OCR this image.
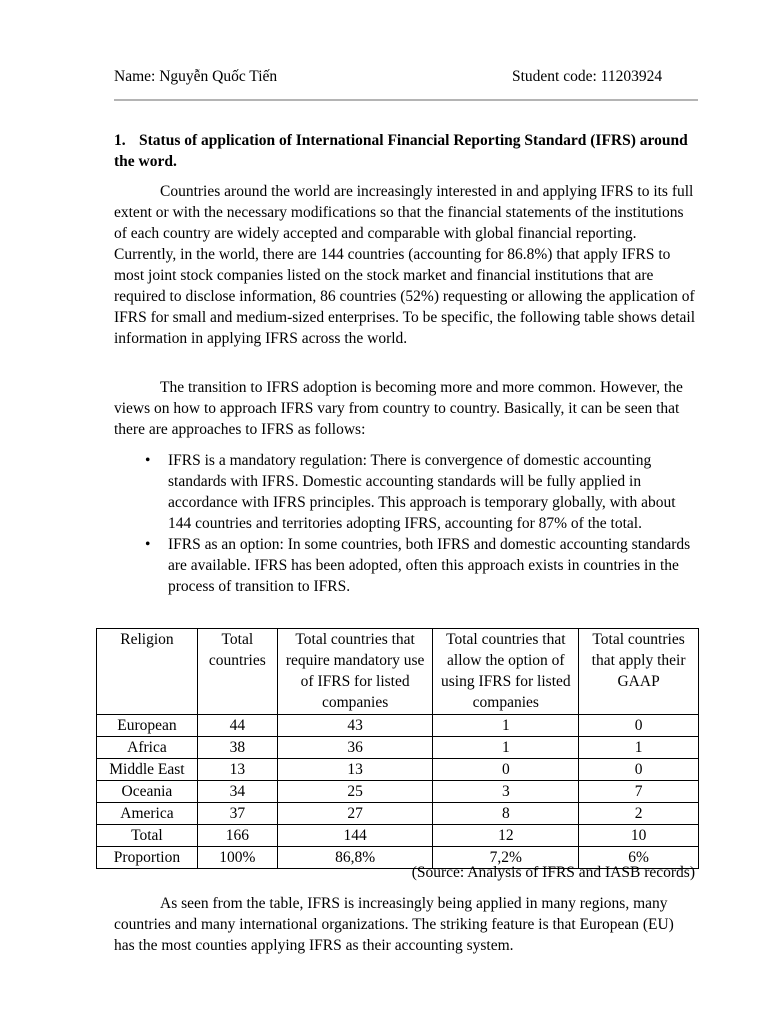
Name: Nguyễn Quốc Tiến	Student code: 11203924
1. Status of application of International Financial Reporting Standard (IFRS) around the word.
Countries around the world are increasingly interested in and applying IFRS to its full extent or with the necessary modifications so that the financial statements of the institutions of each country are widely accepted and comparable with global financial reporting. Currently, in the world, there are 144 countries (accounting for 86.8%) that apply IFRS to most joint stock companies listed on the stock market and financial institutions that are required to disclose information, 86 countries (52%) requesting or allowing the application of IFRS for small and medium-sized enterprises. To be specific, the following table shows detail information in applying IFRS across the world.
The transition to IFRS adoption is becoming more and more common. However, the views on how to approach IFRS vary from country to country. Basically, it can be seen that there are approaches to IFRS as follows:
• IFRS is a mandatory regulation: There is convergence of domestic accounting standards with IFRS. Domestic accounting standards will be fully applied in accordance with IFRS principles. This approach is temporary globally, with about 144 countries and territories adopting IFRS, accounting for 87% of the total.
• IFRS as an option: In some countries, both IFRS and domestic accounting standards are available. IFRS has been adopted, often this approach exists in countries in the process of transition to IFRS.
Religion	Total countries	Total countries that require mandatory use of IFRS for listed companies	Total countries that allow the option of using IFRS for listed companies	Total countries that apply their GAAP
European	44	43	1	0
Africa	38	36	1	1
Middle East	13	13	0	0
Oceania	34	25	3	7
America	37	27	8	2
Total	166	144	12	10
Proportion	100%	86,8%	7,2%	6%
(Source: Analysis of IFRS and IASB records)
As seen from the table, IFRS is increasingly being applied in many regions, many countries and many international organizations. The striking feature is that European (EU) has the most counties applying IFRS as their accounting system.
